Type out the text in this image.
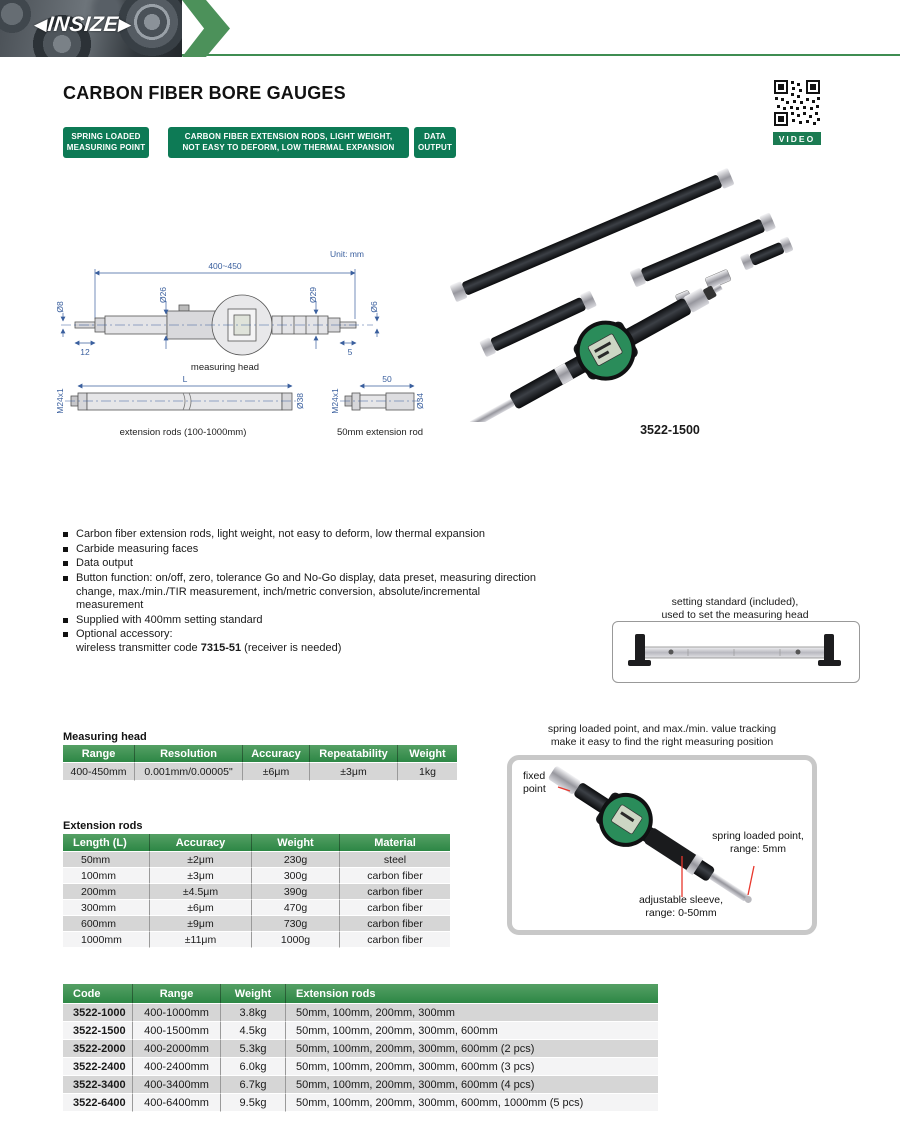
◀INSIZE▶
CARBON FIBER BORE GAUGES
VIDEO
SPRING LOADED
MEASURING POINT
CARBON FIBER EXTENSION RODS, LIGHT WEIGHT,
NOT EASY TO DEFORM, LOW THERMAL EXPANSION
DATA
OUTPUT
Unit: mm
400~450
Ø8
12
Ø26	Ø29
Ø6
5
measuring head
L
M24x1	Ø38
extension rods (100-1000mm)
50
M24x1	Ø34
50mm extension rod	3522-1500
Carbon fiber extension rods, light weight, not easy to deform, low thermal expansion
Carbide measuring faces
Data output
Button function: on/off, zero, tolerance Go and No-Go display, data preset, measuring direction change, max./min./TIR measurement, inch/metric conversion, absolute/incremental measurement
Supplied with 400mm setting standard
Optional accessory:
wireless transmitter code 7315-51 (receiver is needed)
setting standard (included),
used to set the measuring head
Measuring head
Range	Resolution	Accuracy	Repeatability	Weight
400-450mm	0.001mm/0.00005"	±6μm	±3μm	1kg
Extension rods
Length (L)	Accuracy	Weight	Material
50mm	±2μm	230g	steel
100mm	±3μm	300g	carbon fiber
200mm	±4.5μm	390g	carbon fiber
300mm	±6μm	470g	carbon fiber
600mm	±9μm	730g	carbon fiber
1000mm	±11μm	1000g	carbon fiber
spring loaded point, and max./min. value tracking
make it easy to find the right measuring position
fixed
point
spring loaded point,
range: 5mm
adjustable sleeve,
range: 0-50mm
Code	Range	Weight	Extension rods
3522-1000	400-1000mm	3.8kg	50mm, 100mm, 200mm, 300mm
3522-1500	400-1500mm	4.5kg	50mm, 100mm, 200mm, 300mm, 600mm
3522-2000	400-2000mm	5.3kg	50mm, 100mm, 200mm, 300mm, 600mm (2 pcs)
3522-2400	400-2400mm	6.0kg	50mm, 100mm, 200mm, 300mm, 600mm (3 pcs)
3522-3400	400-3400mm	6.7kg	50mm, 100mm, 200mm, 300mm, 600mm (4 pcs)
3522-6400	400-6400mm	9.5kg	50mm, 100mm, 200mm, 300mm, 600mm, 1000mm (5 pcs)
